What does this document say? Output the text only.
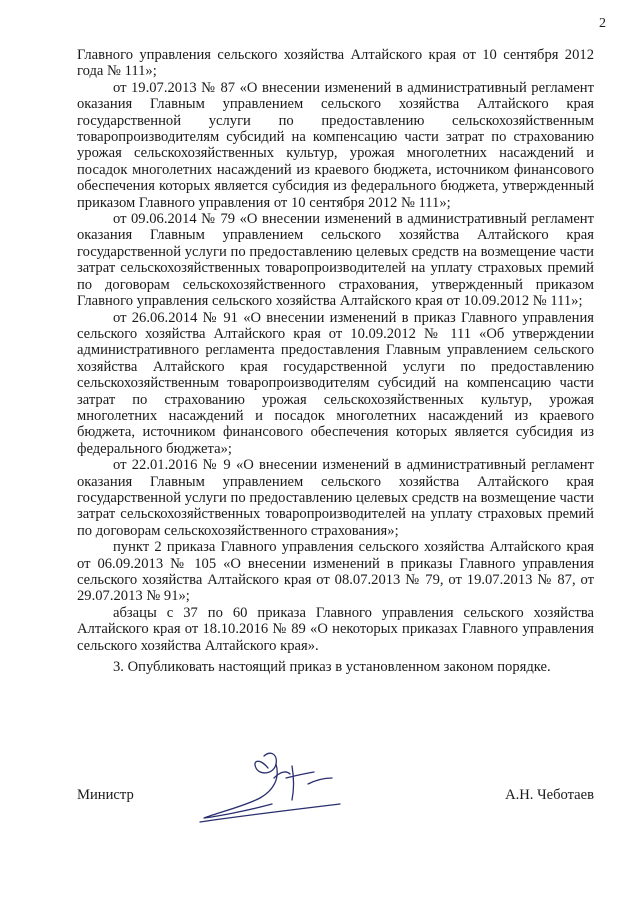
2

Главного управления сельского хозяйства Алтайского края от 10 сентября 2012 года № 111»;

от 19.07.2013 № 87 «О внесении изменений в административный регламент оказания Главным управлением сельского хозяйства Алтайского края государственной услуги по предоставлению сельскохозяйственным товаропроизводителям субсидий на компенсацию части затрат по страхованию урожая сельскохозяйственных культур, урожая многолетних насаждений и посадок многолетних насаждений из краевого бюджета, источником финансового обеспечения которых является субсидия из федерального бюджета, утвержденный приказом Главного управления от 10 сентября 2012 № 111»;

от 09.06.2014 № 79 «О внесении изменений в административный регламент оказания Главным управлением сельского хозяйства Алтайского края государственной услуги по предоставлению целевых средств на возмещение части затрат сельскохозяйственных товаропроизводителей на уплату страховых премий по договорам сельскохозяйственного страхования, утвержденный приказом Главного управления сельского хозяйства Алтайского края от 10.09.2012 № 111»;

от 26.06.2014 № 91 «О внесении изменений в приказ Главного управления сельского хозяйства Алтайского края от 10.09.2012 № 111 «Об утверждении административного регламента предоставления Главным управлением сельского хозяйства Алтайского края государственной услуги по предоставлению сельскохозяйственным товаропроизводителям субсидий на компенсацию части затрат по страхованию урожая сельскохозяйственных культур, урожая многолетних насаждений и посадок многолетних насаждений из краевого бюджета, источником финансового обеспечения которых является субсидия из федерального бюджета»;

от 22.01.2016 № 9 «О внесении изменений в административный регламент оказания Главным управлением сельского хозяйства Алтайского края государственной услуги по предоставлению целевых средств на возмещение части затрат сельскохозяйственных товаропроизводителей на уплату страховых премий по договорам сельскохозяйственного страхования»;

пункт 2 приказа Главного управления сельского хозяйства Алтайского края от 06.09.2013 № 105 «О внесении изменений в приказы Главного управления сельского хозяйства Алтайского края от 08.07.2013 № 79, от 19.07.2013 № 87, от 29.07.2013 № 91»;

абзацы с 37 по 60 приказа Главного управления сельского хозяйства Алтайского края от 18.10.2016 № 89 «О некоторых приказах Главного управления сельского хозяйства Алтайского края».

3. Опубликовать настоящий приказ в установленном законом порядке.

Министр	А.Н. Чеботаев
